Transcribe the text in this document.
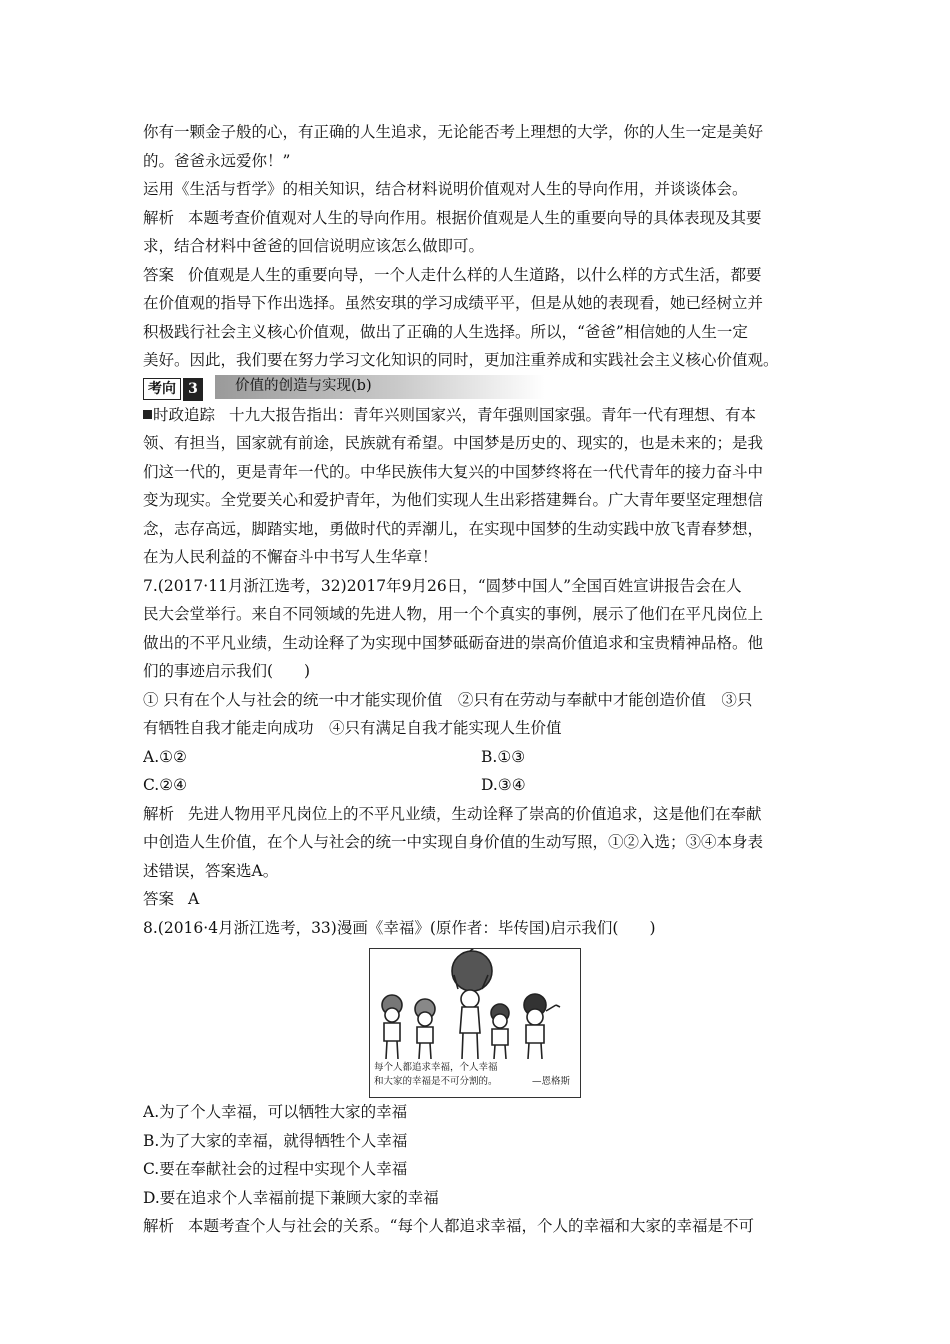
你有一颗金子般的心，有正确的人生追求，无论能否考上理想的大学，你的人生一定是美好
的。爸爸永远爱你！”
运用《生活与哲学》的相关知识，结合材料说明价值观对人生的导向作用，并谈谈体会。
解析 本题考查价值观对人生的导向作用。根据价值观是人生的重要向导的具体表现及其要
求，结合材料中爸爸的回信说明应该怎么做即可。
答案 价值观是人生的重要向导，一个人走什么样的人生道路，以什么样的方式生活，都要
在价值观的指导下作出选择。虽然安琪的学习成绩平平，但是从她的表现看，她已经树立并
积极践行社会主义核心价值观，做出了正确的人生选择。所以，“爸爸”相信她的人生一定
美好。因此，我们要在努力学习文化知识的同时，更加注重养成和实践社会主义核心价值观。
考向 3	价值的创造与实现(b)
时政追踪 十九大报告指出：青年兴则国家兴，青年强则国家强。青年一代有理想、有本
领、有担当，国家就有前途，民族就有希望。中国梦是历史的、现实的，也是未来的；是我
们这一代的，更是青年一代的。中华民族伟大复兴的中国梦终将在一代代青年的接力奋斗中
变为现实。全党要关心和爱护青年，为他们实现人生出彩搭建舞台。广大青年要坚定理想信
念，志存高远，脚踏实地，勇做时代的弄潮儿，在实现中国梦的生动实践中放飞青春梦想，
在为人民利益的不懈奋斗中书写人生华章！
7.(2017·11月浙江选考，32)2017年9月26日，“圆梦中国人”全国百姓宣讲报告会在人
民大会堂举行。来自不同领域的先进人物，用一个个真实的事例，展示了他们在平凡岗位上
做出的不平凡业绩，生动诠释了为实现中国梦砥砺奋进的崇高价值追求和宝贵精神品格。他
们的事迹启示我们(　　)
① 只有在个人与社会的统一中才能实现价值　②只有在劳动与奉献中才能创造价值　③只
有牺牲自我才能走向成功　④只有满足自我才能实现人生价值
A.①②	B.①③
C.②④	D.③④
解析 先进人物用平凡岗位上的不平凡业绩，生动诠释了崇高的价值追求，这是他们在奉献
中创造人生价值，在个人与社会的统一中实现自身价值的生动写照，①②入选；③④本身表
述错误，答案选A。
答案 A
8.(2016·4月浙江选考，33)漫画《幸福》(原作者：毕传国)启示我们(　　)
每个人都追求幸福，个人幸福
和大家的幸福是不可分割的。	—恩格斯
A.为了个人幸福，可以牺牲大家的幸福
B.为了大家的幸福，就得牺牲个人幸福
C.要在奉献社会的过程中实现个人幸福
D.要在追求个人幸福前提下兼顾大家的幸福
解析 本题考查个人与社会的关系。“每个人都追求幸福，个人的幸福和大家的幸福是不可
